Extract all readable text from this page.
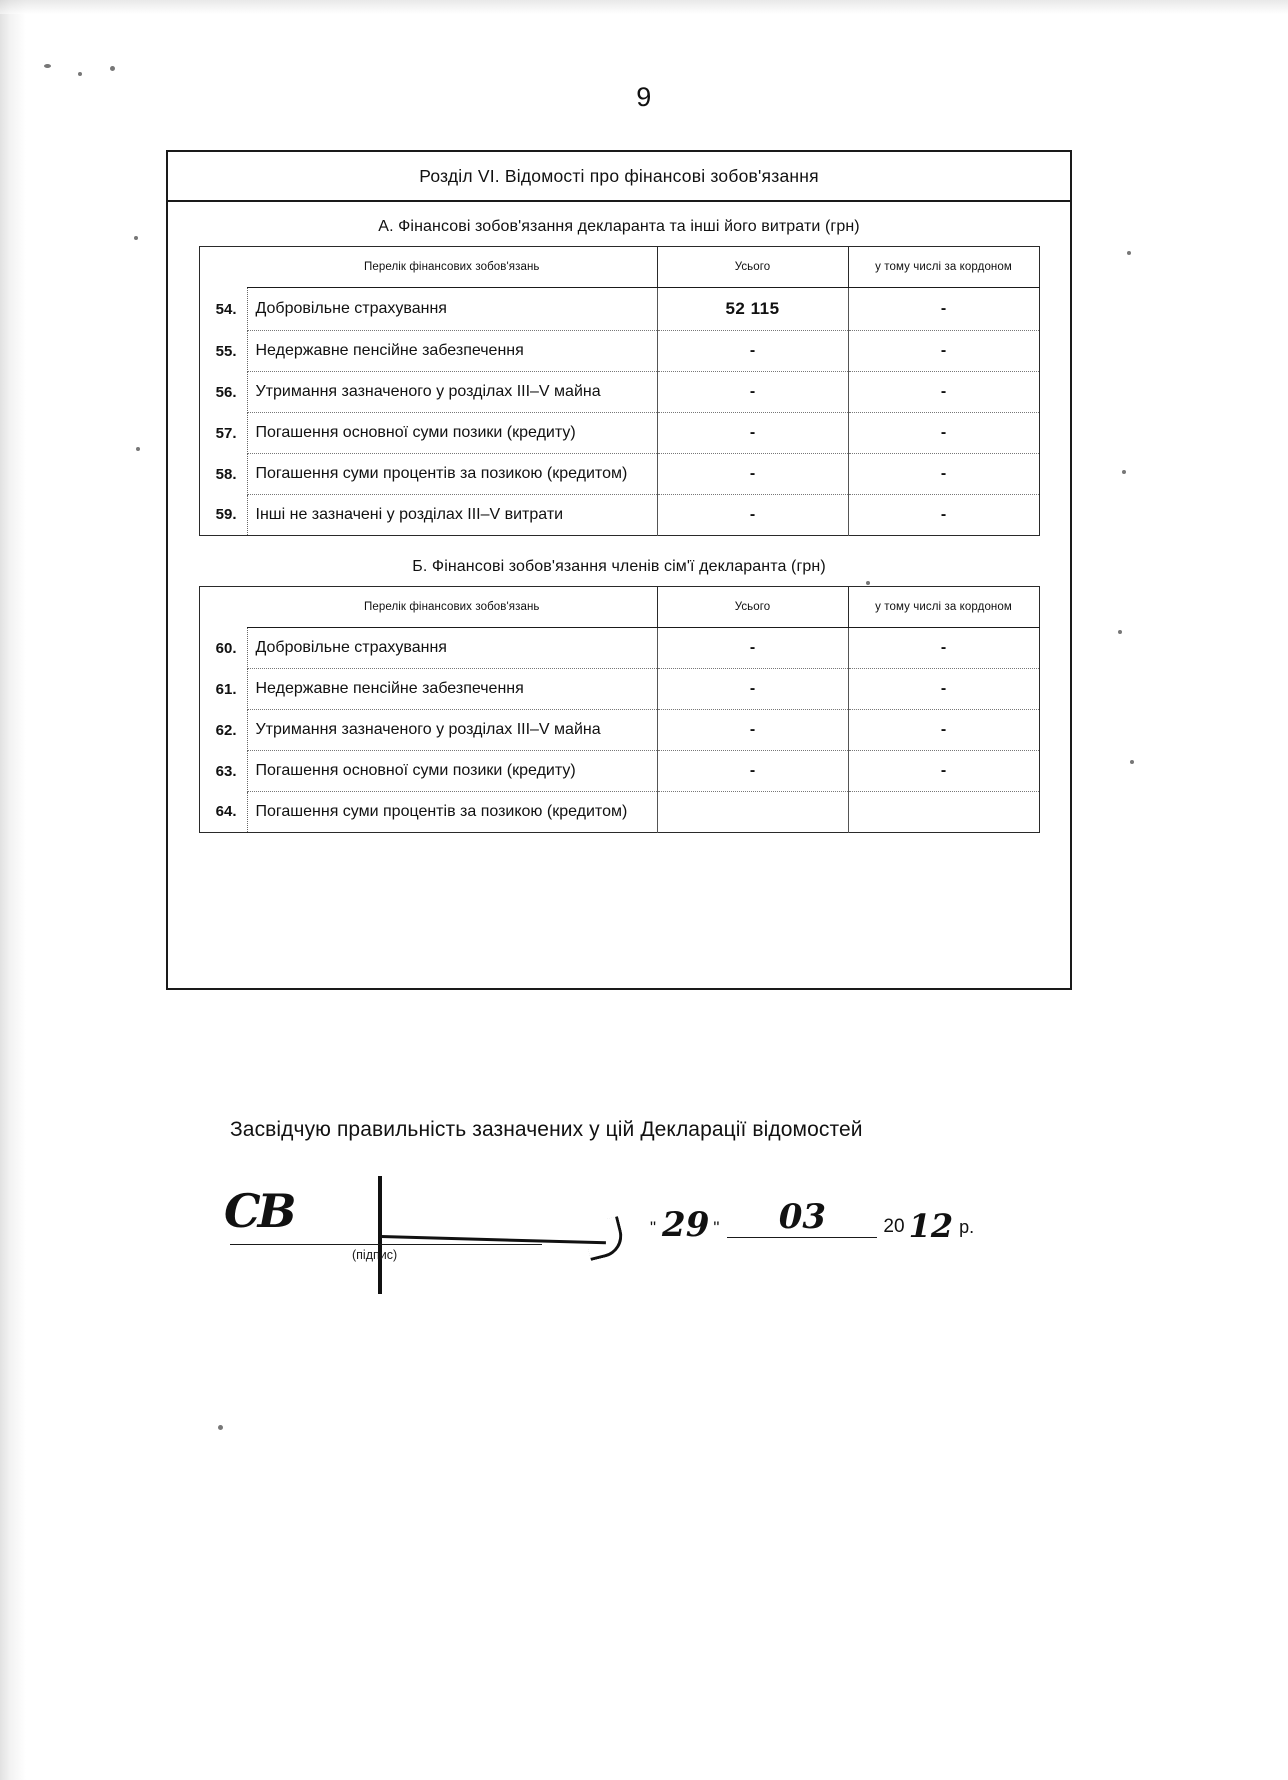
9
Розділ VI. Відомості про фінансові зобов'язання
А. Фінансові зобов'язання декларанта та інші його витрати (грн)
	Перелік фінансових зобов'язань	Усього	у тому числі за кордоном
54.	Добровільне страхування	52 115	-
55.	Недержавне пенсійне забезпечення	-	-
56.	Утримання зазначеного у розділах III–V майна	-	-
57.	Погашення основної суми позики (кредиту)	-	-
58.	Погашення суми процентів за позикою (кредитом)	-	-
59.	Інші не зазначені у розділах III–V витрати	-	-
Б. Фінансові зобов'язання членів сім'ї декларанта (грн)
	Перелік фінансових зобов'язань	Усього	у тому числі за кордоном
60.	Добровільне страхування	-	-
61.	Недержавне пенсійне забезпечення	-	-
62.	Утримання зазначеного у розділах III–V майна	-	-
63.	Погашення основної суми позики (кредиту)	-	-
64.	Погашення суми процентів за позикою (кредитом)		
Засвідчую правильність зазначених у цій Декларації відомостей
СВ
(підпис)
" 29 " 03	20 12 р.
